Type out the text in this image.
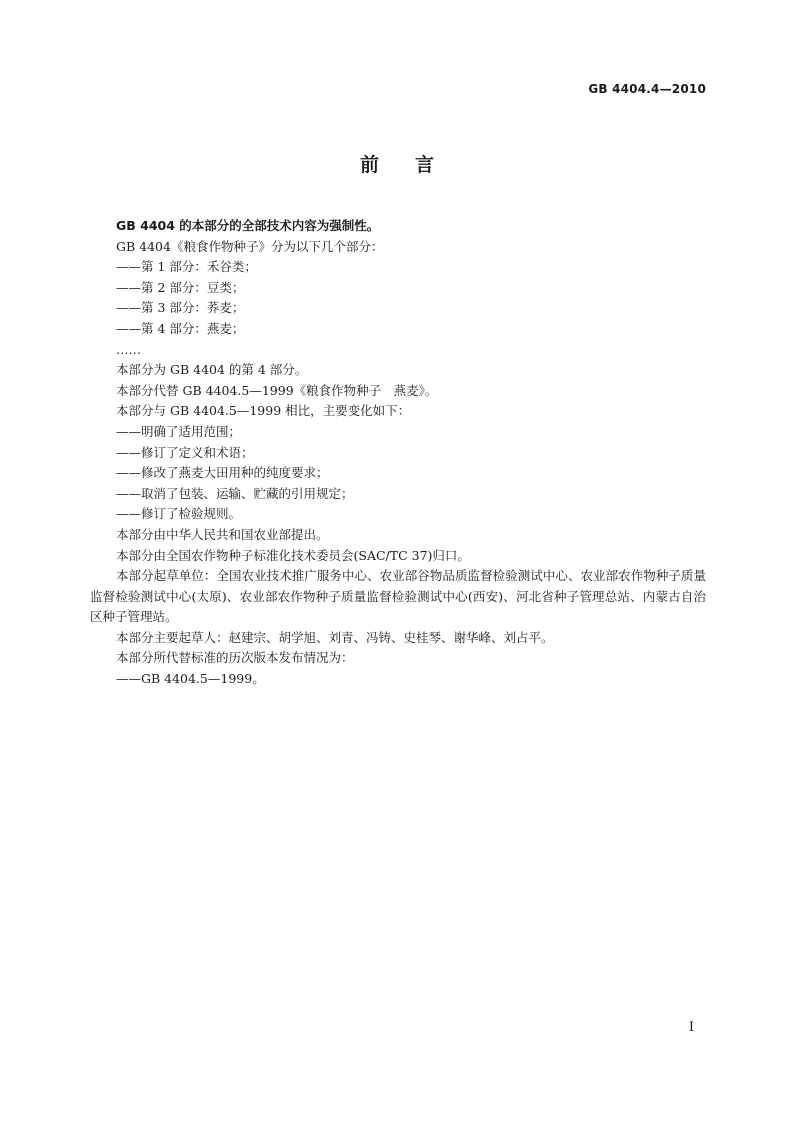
GB 4404.4—2010
前言

GB 4404 的本部分的全部技术内容为强制性。

GB 4404《粮食作物种子》分为以下几个部分：

——第 1 部分：禾谷类；

——第 2 部分：豆类；

——第 3 部分：荞麦；

——第 4 部分：燕麦；

……

本部分为 GB 4404 的第 4 部分。

本部分代替 GB 4404.5—1999《粮食作物种子　燕麦》。

本部分与 GB 4404.5—1999 相比，主要变化如下：

——明确了适用范围；

——修订了定义和术语；

——修改了燕麦大田用种的纯度要求；

——取消了包装、运输、贮藏的引用规定；

——修订了检验规则。

本部分由中华人民共和国农业部提出。

本部分由全国农作物种子标准化技术委员会(SAC/TC 37)归口。

本部分起草单位：全国农业技术推广服务中心、农业部谷物品质监督检验测试中心、农业部农作物种子质量监督检验测试中心(太原)、农业部农作物种子质量监督检验测试中心(西安)、河北省种子管理总站、内蒙古自治区种子管理站。

本部分主要起草人：赵建宗、胡学旭、刘青、冯铸、史桂琴、谢华峰、刘占平。

本部分所代替标准的历次版本发布情况为：

——GB 4404.5—1999。

I
